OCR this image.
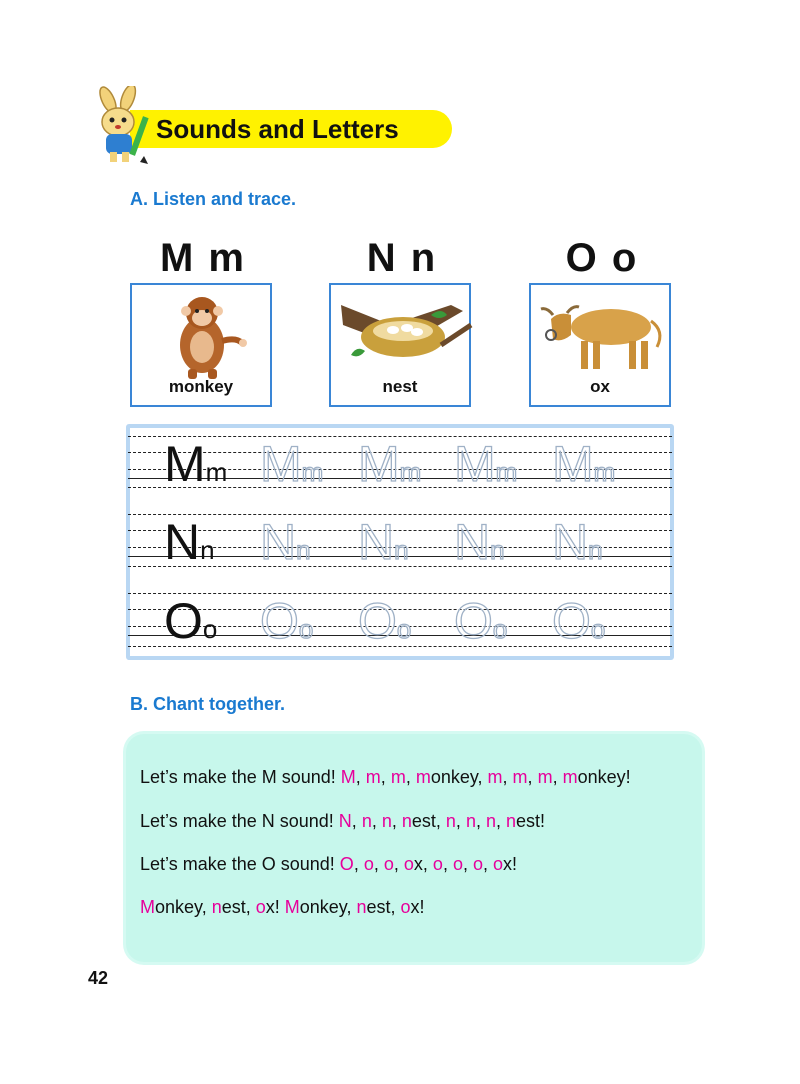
Sounds and Letters
A. Listen and trace.
M m	N n	O o
monkey	nest	ox
Mm Mm Mm Mm Mm
Nn Nn Nn Nn Nn
Oo Oo Oo Oo Oo
B. Chant together.
Let’s make the M sound! M, m, m, monkey, m, m, m, monkey!
Let’s make the N sound! N, n, n, nest, n, n, n, nest!
Let’s make the O sound! O, o, o, ox, o, o, o, ox!
Monkey, nest, ox! Monkey, nest, ox!
42
